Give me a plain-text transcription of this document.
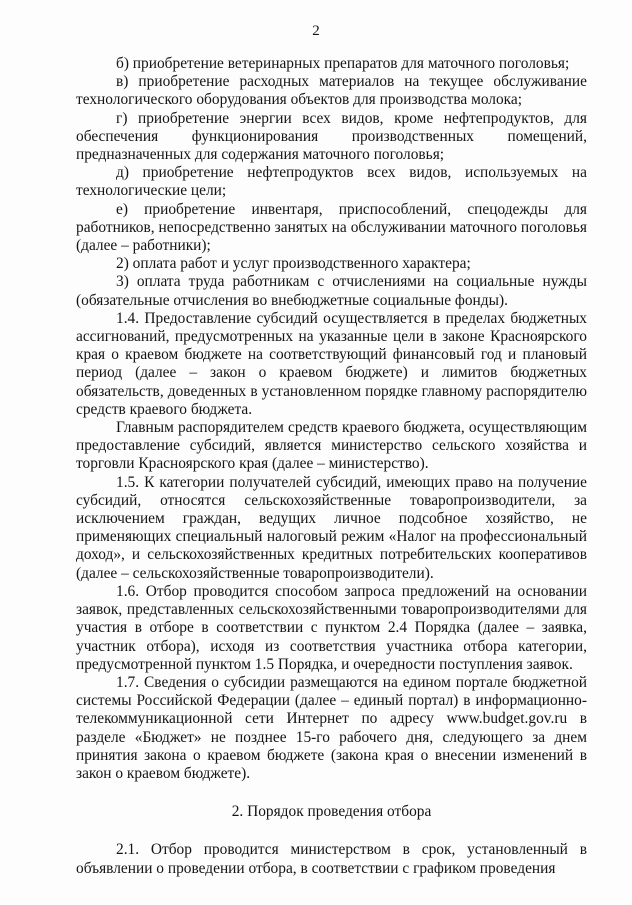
2

б) приобретение ветеринарных препаратов для маточного поголовья;

в) приобретение расходных материалов на текущее обслуживание технологического оборудования объектов для производства молока;

г) приобретение энергии всех видов, кроме нефтепродуктов, для обеспечения функционирования производственных помещений, предназначенных для содержания маточного поголовья;

д) приобретение нефтепродуктов всех видов, используемых на технологические цели;

е) приобретение инвентаря, приспособлений, спецодежды для работников, непосредственно занятых на обслуживании маточного поголовья (далее – работники);

2) оплата работ и услуг производственного характера;

3) оплата труда работникам с отчислениями на социальные нужды (обязательные отчисления во внебюджетные социальные фонды).

1.4. Предоставление субсидий осуществляется в пределах бюджетных ассигнований, предусмотренных на указанные цели в законе Красноярского края о краевом бюджете на соответствующий финансовый год и плановый период (далее – закон о краевом бюджете) и лимитов бюджетных обязательств, доведенных в установленном порядке главному распорядителю средств краевого бюджета.

Главным распорядителем средств краевого бюджета, осуществляющим предоставление субсидий, является министерство сельского хозяйства и торговли Красноярского края (далее – министерство).

1.5. К категории получателей субсидий, имеющих право на получение субсидий, относятся сельскохозяйственные товаропроизводители, за исключением граждан, ведущих личное подсобное хозяйство, не применяющих специальный налоговый режим «Налог на профессиональный доход», и сельскохозяйственных кредитных потребительских кооперативов (далее – сельскохозяйственные товаропроизводители).

1.6. Отбор проводится способом запроса предложений на основании заявок, представленных сельскохозяйственными товаропроизводителями для участия в отборе в соответствии с пунктом 2.4 Порядка (далее – заявка, участник отбора), исходя из соответствия участника отбора категории, предусмотренной пунктом 1.5 Порядка, и очередности поступления заявок.

1.7. Сведения о субсидии размещаются на едином портале бюджетной системы Российской Федерации (далее – единый портал) в информационно-телекоммуникационной сети Интернет по адресу www.budget.gov.ru в разделе «Бюджет» не позднее 15-го рабочего дня, следующего за днем принятия закона о краевом бюджете (закона края о внесении изменений в закон о краевом бюджете).

2. Порядок проведения отбора

2.1. Отбор проводится министерством в срок, установленный в объявлении о проведении отбора, в соответствии с графиком проведения
